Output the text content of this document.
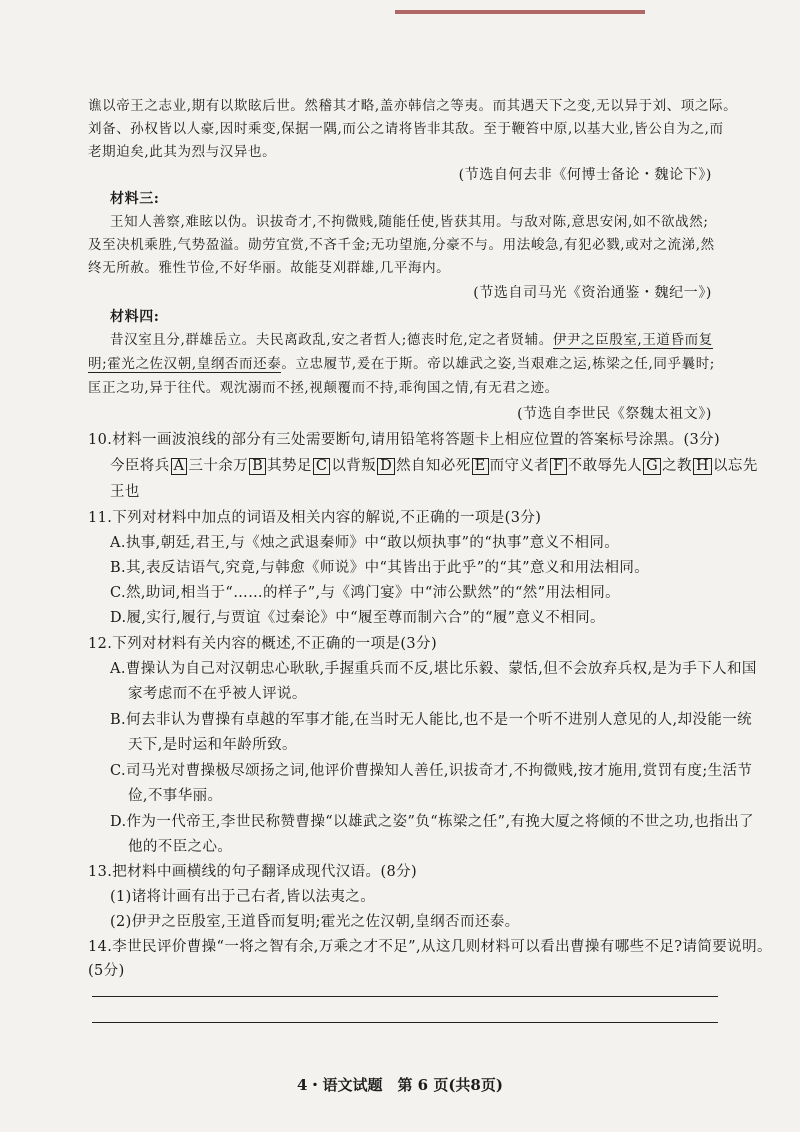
谯以帝王之志业,期有以欺眩后世。然稽其才略,盖亦韩信之等夷。而其遇天下之变,无以异于刘、项之际。
刘备、孙权皆以人豪,因时乘变,保据一隅,而公之请将皆非其敌。至于鞭笞中原,以基大业,皆公自为之,而
老期迫矣,此其为烈与汉异也。
(节选自何去非《何博士备论・魏论下》)
材料三:
王知人善察,难眩以伪。识拔奇才,不拘微贱,随能任使,皆获其用。与敌对陈,意思安闲,如不欲战然;
及至决机乘胜,气势盈溢。勋劳宜赏,不吝千金;无功望施,分豪不与。用法峻急,有犯必戮,或对之流涕,然
终无所赦。雅性节俭,不好华丽。故能芟刈群雄,几平海内。
(节选自司马光《资治通鉴・魏纪一》)
材料四:
昔汉室且分,群雄岳立。夫民离政乱,安之者哲人;德丧时危,定之者贤辅。伊尹之臣殷室,王道昏而复
明;霍光之佐汉朝,皇纲否而还泰。立忠履节,爰在于斯。帝以雄武之姿,当艰难之运,栋梁之任,同乎曩时;
匡正之功,异于往代。观沈溺而不拯,视颠覆而不持,乖徇国之情,有无君之迹。
(节选自李世民《祭魏太祖文》)
10.材料一画波浪线的部分有三处需要断句,请用铅笔将答题卡上相应位置的答案标号涂黑。(3分)
今臣将兵 A 三十余万 B 其势足 C 以背叛 D 然自知必死 E 而守义者 F 不敢辱先人 G 之教 H 以忘先
王也
11.下列对材料中加点的词语及相关内容的解说,不正确的一项是(3分)
A.执事,朝廷,君王,与《烛之武退秦师》中“敢以烦执事”的“执事”意义不相同。
B.其,表反诘语气,究竟,与韩愈《师说》中“其皆出于此乎”的“其”意义和用法相同。
C.然,助词,相当于“……的样子”,与《鸿门宴》中“沛公默然”的“然”用法相同。
D.履,实行,履行,与贾谊《过秦论》中“履至尊而制六合”的“履”意义不相同。
12.下列对材料有关内容的概述,不正确的一项是(3分)
A.曹操认为自己对汉朝忠心耿耿,手握重兵而不反,堪比乐毅、蒙恬,但不会放弃兵权,是为手下人和国
家考虑而不在乎被人评说。
B.何去非认为曹操有卓越的军事才能,在当时无人能比,也不是一个听不进别人意见的人,却没能一统
天下,是时运和年龄所致。
C.司马光对曹操极尽颂扬之词,他评价曹操知人善任,识拔奇才,不拘微贱,按才施用,赏罚有度;生活节
俭,不事华丽。
D.作为一代帝王,李世民称赞曹操“以雄武之姿”负“栋梁之任”,有挽大厦之将倾的不世之功,也指出了
他的不臣之心。
13.把材料中画横线的句子翻译成现代汉语。(8分)
(1)诸将计画有出于己右者,皆以法夷之。
(2)伊尹之臣殷室,王道昏而复明;霍光之佐汉朝,皇纲否而还泰。
14.李世民评价曹操“一将之智有余,万乘之才不足”,从这几则材料可以看出曹操有哪些不足?请简要说明。
(5分)
4・语文试题　第 6 页(共8页)
